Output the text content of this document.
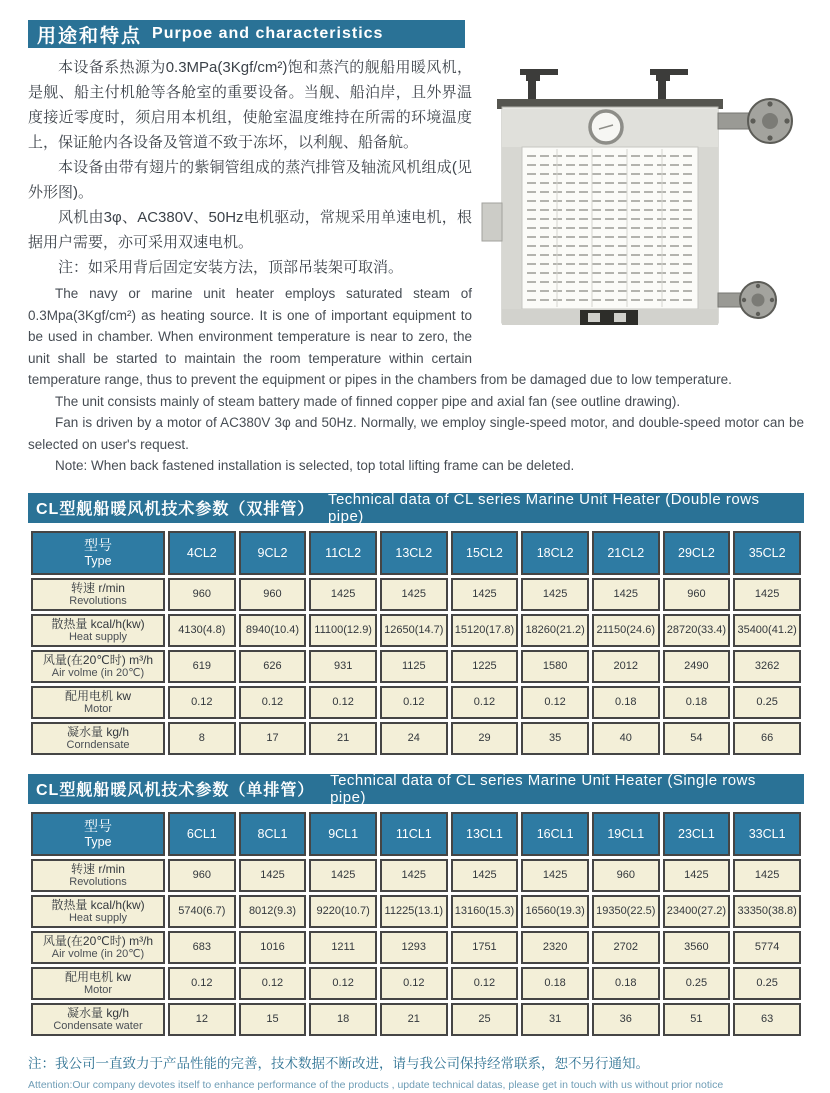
用途和特点 Purpoe and characteristics

本设备系热源为0.3MPa(3Kgf/cm²)饱和蒸汽的舰船用暖风机，是舰、船主付机舱等各舱室的重要设备。当舰、船泊岸，且外界温度接近零度时，须启用本机组，使舱室温度维持在所需的环境温度上，保证舱内各设备及管道不致于冻坏，以利舰、船备航。

本设备由带有翅片的紫铜管组成的蒸汽排管及轴流风机组成(见外形图)。

风机由3φ、AC380V、50Hz电机驱动，常规采用单速电机，根据用户需要，亦可采用双速电机。

注：如采用背后固定安装方法，顶部吊装架可取消。

The navy or marine unit heater employs saturated steam of 0.3Mpa(3Kgf/cm²) as heating source. It is one of important equipment to be used in chamber. When environment temperature is near to zero, the unit shall be started to maintain the room temperature within certain temperature range, thus to prevent the equipment or pipes in the chambers from be damaged due to low temperature.

The unit consists mainly of steam battery made of finned copper pipe and axial fan (see outline drawing).

Fan is driven by a motor of AC380V 3φ and 50Hz. Normally, we employ single-speed motor, and double-speed motor can be selected on user's request.

Note: When back fastened installation is selected, top total lifting frame can be deleted.

CL型舰船暖风机技术参数（双排管）
Technical data of CL series Marine Unit Heater (Double rows pipe)
型号
Type	4CL2	9CL2	11CL2	13CL2	15CL2	18CL2	21CL2	29CL2	35CL2

转速 r/min
Revolutions	960	960	1425	1425	1425	1425	1425	960	1425

散热量 kcal/h(kw)
Heat supply	4130(4.8)	8940(10.4)	11100(12.9)	12650(14.7)	15120(17.8)	18260(21.2)	21150(24.6)	28720(33.4)	35400(41.2)

风量(在20℃时) m³/h
Air volme (in 20℃)	619	626	931	1125	1225	1580	2012	2490	3262

配用电机 kw
Motor	0.12	0.12	0.12	0.12	0.12	0.12	0.18	0.18	0.25

凝水量 kg/h
Corndensate	8	17	21	24	29	35	40	54	66
CL型舰船暖风机技术参数（单排管）
Technical data of CL series Marine Unit Heater (Single rows pipe)
型号
Type	6CL1	8CL1	9CL1	11CL1	13CL1	16CL1	19CL1	23CL1	33CL1

转速 r/min
Revolutions	960	1425	1425	1425	1425	1425	960	1425	1425

散热量 kcal/h(kw)
Heat supply	5740(6.7)	8012(9.3)	9220(10.7)	11225(13.1)	13160(15.3)	16560(19.3)	19350(22.5)	23400(27.2)	33350(38.8)

风量(在20℃时) m³/h
Air volme (in 20℃)	683	1016	1211	1293	1751	2320	2702	3560	5774

配用电机 kw
Motor	0.12	0.12	0.12	0.12	0.12	0.18	0.18	0.25	0.25

凝水量 kg/h
Condensate water	12	15	18	21	25	31	36	51	63
注：我公司一直致力于产品性能的完善，技术数据不断改进，请与我公司保持经常联系，恕不另行通知。
Attention:Our company devotes itself to enhance performance of the products , update technical datas, please get in touch with us without prior notice
